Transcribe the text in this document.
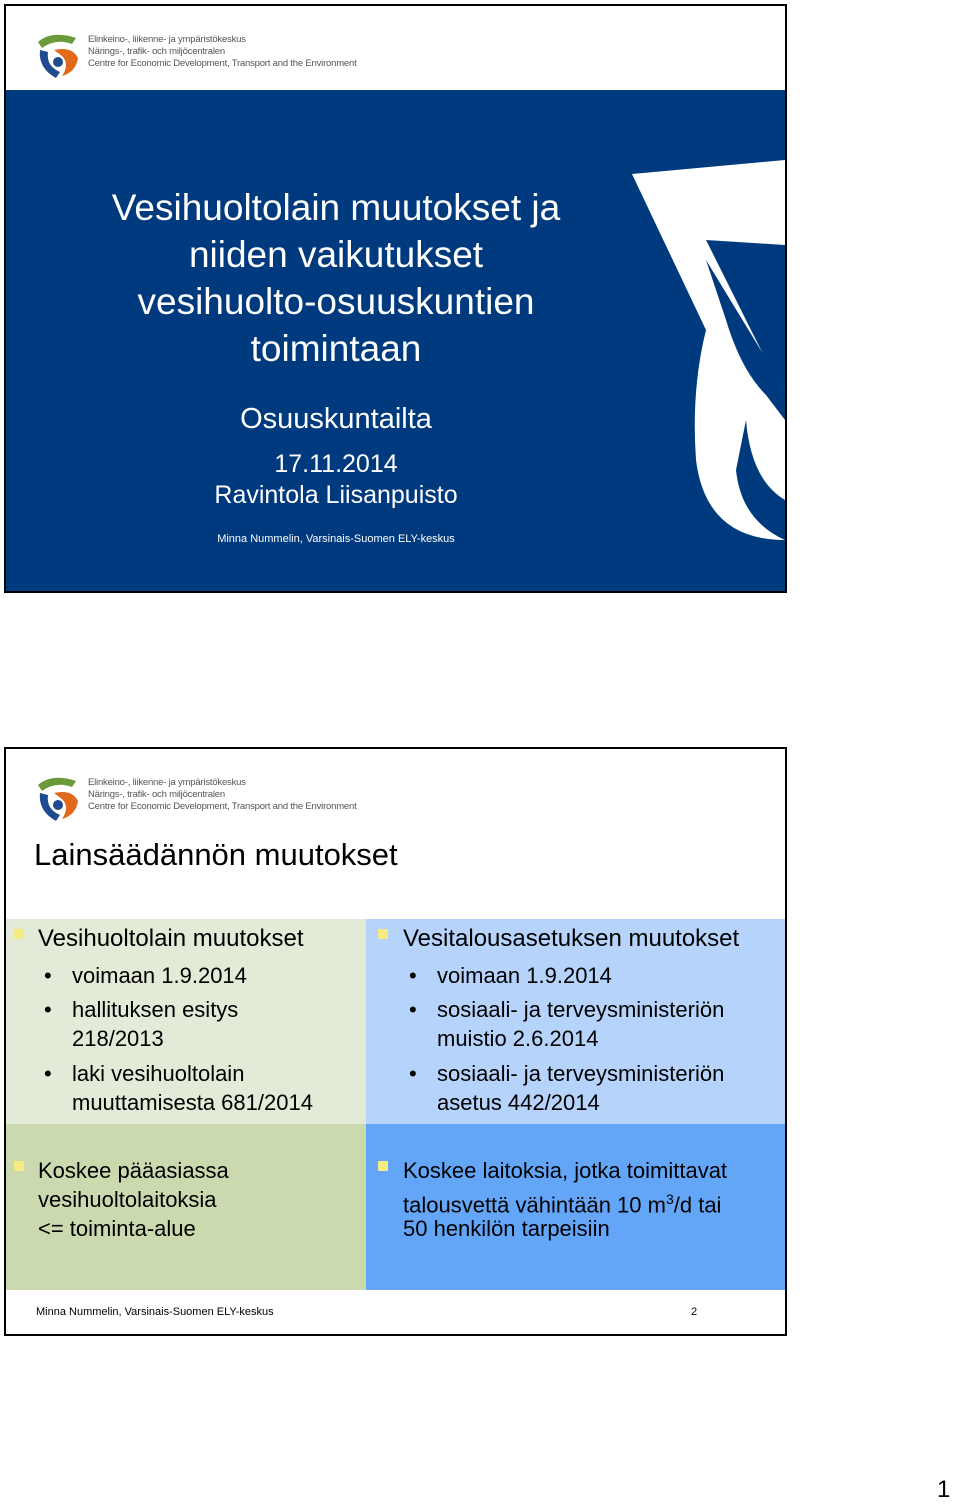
Elinkeino-, liikenne- ja ympäristökeskus
Närings-, trafik- och miljöcentralen
Centre for Economic Development, Transport and the Environment
Vesihuoltolain muutokset ja
niiden vaikutukset
vesihuolto-osuuskuntien
toimintaan
Osuuskuntailta
17.11.2014
Ravintola Liisanpuisto
Minna Nummelin, Varsinais-Suomen ELY-keskus
Elinkeino-, liikenne- ja ympäristökeskus
Närings-, trafik- och miljöcentralen
Centre for Economic Development, Transport and the Environment
Lainsäädännön muutokset
Vesihuoltolain muutokset
• voimaan 1.9.2014
• hallituksen esitys 218/2013
• laki vesihuoltolain muuttamisesta 681/2014
Vesitalousasetuksen muutokset
• voimaan 1.9.2014
• sosiaali- ja terveysministeriön muistio 2.6.2014
• sosiaali- ja terveysministeriön asetus 442/2014
Koskee pääasiassa
vesihuoltolaitoksia
<= toiminta-alue
Koskee laitoksia, jotka toimittavat
talousvettä vähintään 10 $m^3/d$ tai
50 henkilön tarpeisiin
Minna Nummelin, Varsinais-Suomen ELY-keskus	2
1
